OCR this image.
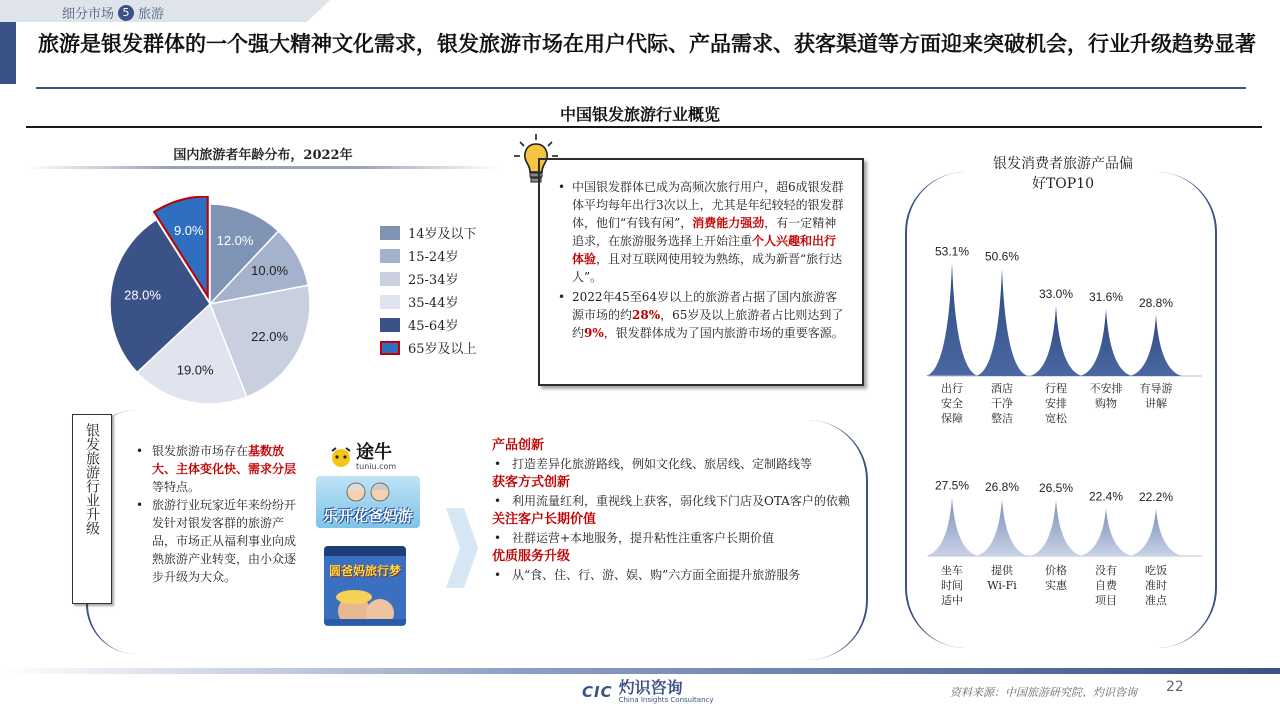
细分市场 5 旅游
旅游是银发群体的一个强大精神文化需求，银发旅游市场在用户代际、产品需求、获客渠道等方面迎来突破机会，行业升级趋势显著
中国银发旅游行业概览
国内旅游者年龄分布，2022年
12.0%
10.0%
22.0%
19.0%
28.0%
9.0%	14岁及以下
15-24岁
25-34岁
35-44岁
45-64岁
65岁及以上
• 中国银发群体已成为高频次旅行用户，超6成银发群体平均每年出行3次以上，尤其是年纪较轻的银发群体，他们“有钱有闲”，消费能力强劲，有一定精神追求，在旅游服务选择上开始注重个人兴趣和出行体验，且对互联网使用较为熟练，成为新晋“旅行达人”。
• 2022年45至64岁以上的旅游者占据了国内旅游客源市场的约28%，65岁及以上旅游者占比则达到了约9%，银发群体成为了国内旅游市场的重要客源。
银发消费者旅游产品偏好TOP10
53.1% 50.6%
33.0% 31.6% 28.8%
27.5% 26.8% 26.5%
22.4% 22.2%
出行
安全
保障
酒店
干净
整洁
行程
安排
宽松
不安排
购物
有导游
讲解
坐车
时间
适中
提供
Wi-Fi
价格
实惠
没有
自费
项目
吃饭
准时
准点
银发旅游行业升级
•	银发旅游市场存在基数放大、主体变化快、需求分层等特点。
• 旅游行业玩家近年来纷纷开发针对银发客群的旅游产品，市场正从福利事业向成熟旅游产业转变，由小众逐步升级为大众。
途牛
tuniu.com
乐开花爸妈游
圆爸妈旅行梦
产品创新
• 打造差异化旅游路线，例如文化线、旅居线、定制路线等
获客方式创新
• 利用流量红利，重视线上获客，弱化线下门店及OTA客户的依赖
关注客户长期价值
• 社群运营+本地服务，提升粘性注重客户长期价值
优质服务升级
• 从“食、住、行、游、娱、购”六方面全面提升旅游服务
CIC 灼识咨询
China Insights Consultancy
资料来源：中国旅游研究院、灼识咨询 22
